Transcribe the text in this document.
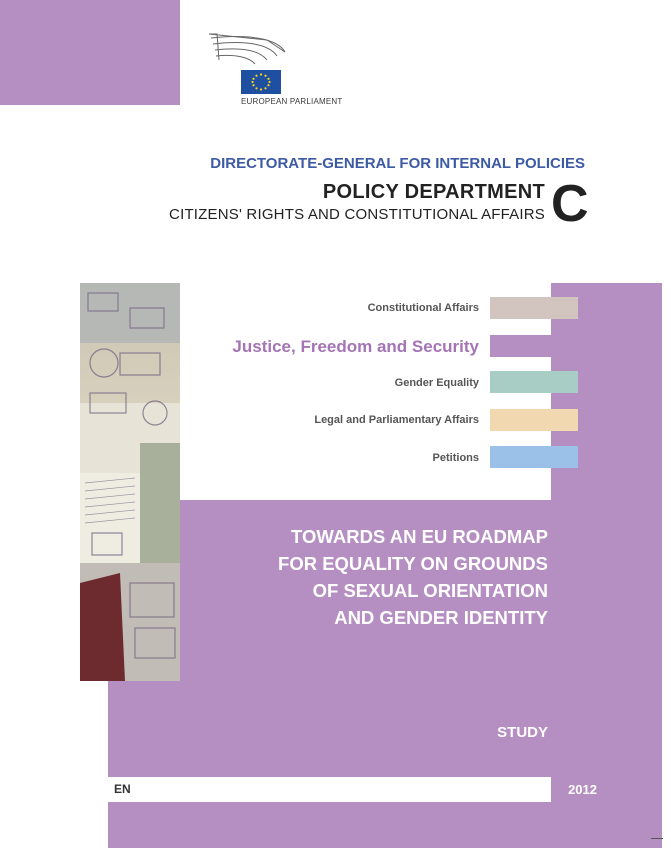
EUROPEAN PARLIAMENT
DIRECTORATE-GENERAL FOR INTERNAL POLICIES
POLICY DEPARTMENT
CITIZENS' RIGHTS AND CONSTITUTIONAL AFFAIRS C
Constitutional Affairs
Justice, Freedom and Security
Gender Equality
Legal and Parliamentary Affairs
Petitions
TOWARDS AN EU ROADMAP
FOR EQUALITY ON GROUNDS
OF SEXUAL ORIENTATION
AND GENDER IDENTITY
STUDY
EN	2012
